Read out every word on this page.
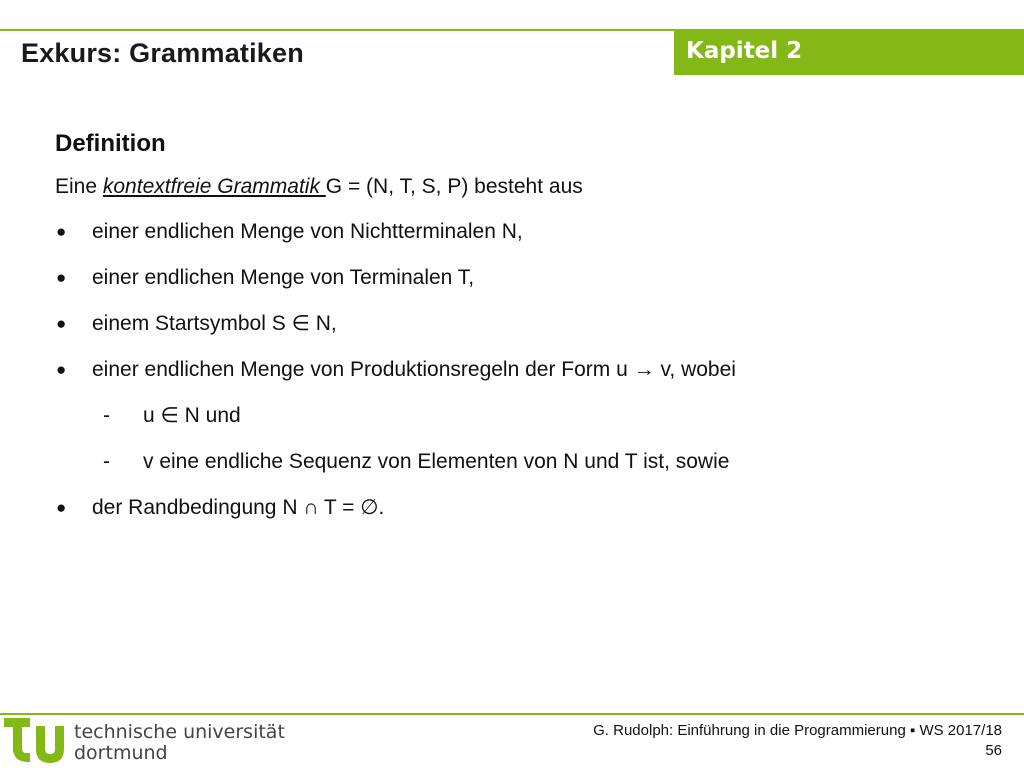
Exkurs: Grammatiken	Kapitel 2
Definition
Eine kontextfreie Grammatik G = (N, T, S, P) besteht aus
● einer endlichen Menge von Nichtterminalen N,
● einer endlichen Menge von Terminalen T,
● einem Startsymbol S ∈ N,
● einer endlichen Menge von Produktionsregeln der Form u → v, wobei
- u ∈ N und
- v eine endliche Sequenz von Elementen von N und T ist, sowie
● der Randbedingung N ∩ T = ∅.
technische universität
dortmund
G. Rudolph: Einführung in die Programmierung ▪ WS 2017/18
56
